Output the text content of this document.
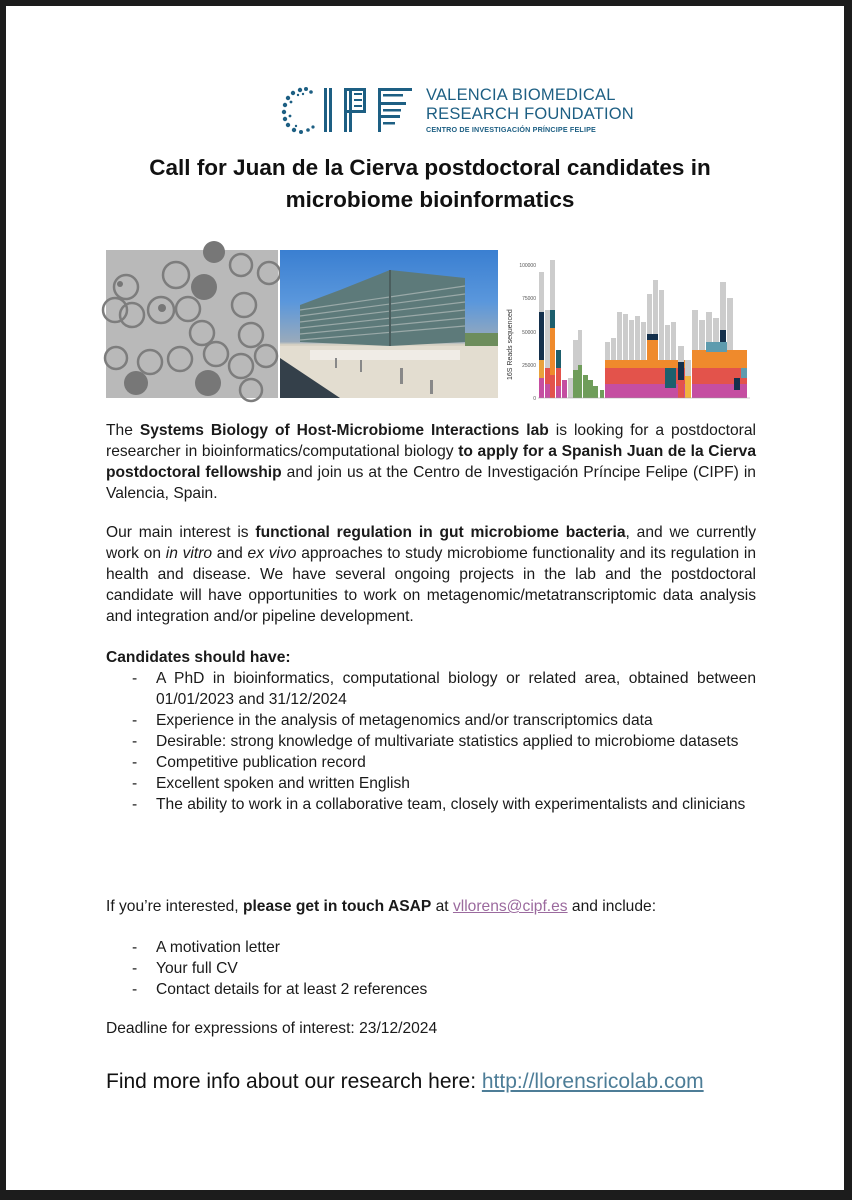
VALENCIA BIOMEDICAL
RESEARCH FOUNDATION
CENTRO DE INVESTIGACIÓN PRÍNCIPE FELIPE
Call for Juan de la Cierva postdoctoral candidates in
microbiome bioinformatics
16S Reads sequenced
100000
75000
50000
25000
0

The Systems Biology of Host-Microbiome Interactions lab is looking for a postdoctoral researcher in bioinformatics/computational biology to apply for a Spanish Juan de la Cierva postdoctoral fellowship and join us at the Centro de Investigación Príncipe Felipe (CIPF) in Valencia, Spain.

Our main interest is functional regulation in gut microbiome bacteria, and we currently work on in vitro and ex vivo approaches to study microbiome functionality and its regulation in health and disease. We have several ongoing projects in the lab and the postdoctoral candidate will have opportunities to work on metagenomic/metatranscriptomic data analysis and integration and/or pipeline development.

Candidates should have:
- A PhD in bioinformatics, computational biology or related area, obtained between 01/01/2023 and 31/12/2024
- Experience in the analysis of metagenomics and/or transcriptomics data
- Desirable: strong knowledge of multivariate statistics applied to microbiome datasets
- Competitive publication record
- Excellent spoken and written English
- The ability to work in a collaborative team, closely with experimentalists and clinicians
If you’re interested, please get in touch ASAP at vllorens@cipf.es and include:
- A motivation letter
- Your full CV
- Contact details for at least 2 references
Deadline for expressions of interest: 23/12/2024
Find more info about our research here: http://llorensricolab.com
